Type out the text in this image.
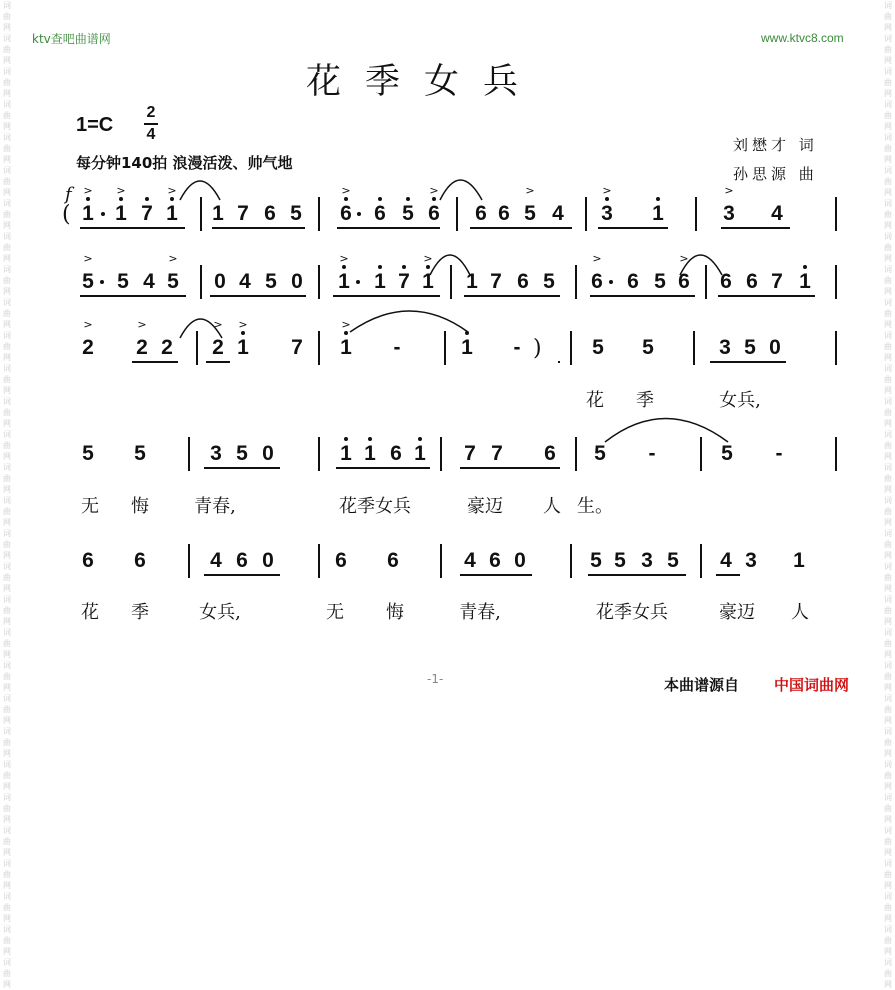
词曲网词曲网词曲网词曲网词曲网词曲网词曲网词曲网词曲网词曲网词曲网词曲网词曲网词曲网词曲网词曲网词曲网词曲网词曲网词曲网词曲网词曲网词曲网词曲网词曲网词曲网词曲网词曲网词曲网词曲网
词曲网词曲网词曲网词曲网词曲网词曲网词曲网词曲网词曲网词曲网词曲网词曲网词曲网词曲网词曲网词曲网词曲网词曲网词曲网词曲网词曲网词曲网词曲网词曲网词曲网词曲网词曲网词曲网词曲网词曲网
ktv查吧曲谱网	www.ktvc8.com
花季女兵
1=C
2
4
每分钟140拍 浪漫活泼、帅气地
刘懋才 词
孙思源 曲
(
f
)
1
>
1
>
7 1
>
1 7 6 5 6
>
6 5 6
>
6 6 5
>
4 3
>
1	3
>
4
5
>
5 4 5
>
0 4 5 0 1
>
1 7 1
>
1 7 6 5 6
>
6 5 6
>
6 6 7 1
2
>
2
>
2 2
>
1
>
7 1
>
-	1 -	5 5	3 5 0
花 季	女兵,
5 5	3 5 0	1 1 6 1 7 7 6 5 -	5 -
无 悔	青春,	花季女兵	豪迈 人 生。
6 6	4 6 0	6 6	4 6 0	5 5 3 5 4 3 1
花 季	女兵,	无 悔	青春,	花季女兵	豪迈 人
-1-	本曲谱源自 中国词曲网
